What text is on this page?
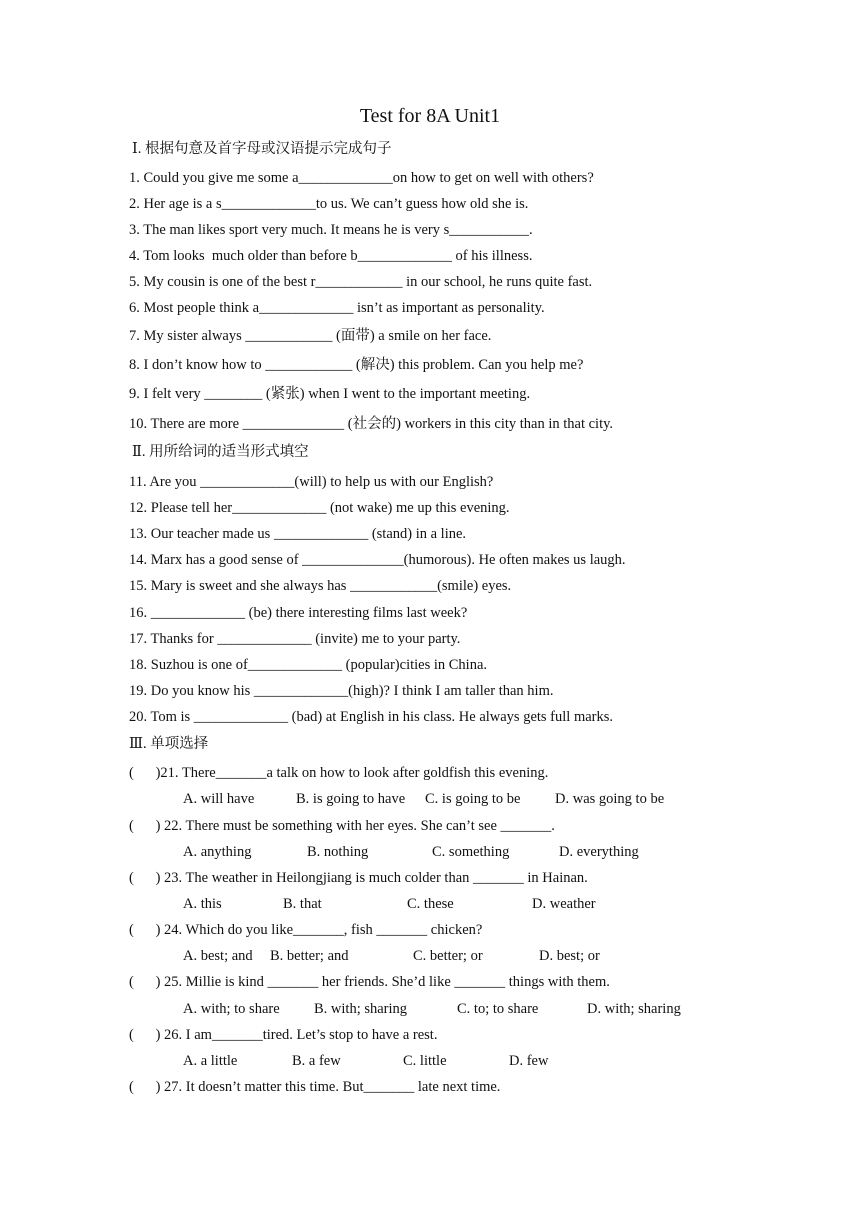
Test for 8A Unit1
Ⅰ. 根据句意及首字母或汉语提示完成句子
1. Could you give me some a_____________on how to get on well with others?
2. Her age is a s_____________to us. We can’t guess how old she is.
3. The man likes sport very much. It means he is very s___________.
4. Tom looks  much older than before b_____________ of his illness.
5. My cousin is one of the best r____________ in our school, he runs quite fast.
6. Most people think a_____________ isn’t as important as personality.
7. My sister always ____________ (面带) a smile on her face.
8. I don’t know how to ____________ (解决) this problem. Can you help me?
9. I felt very ________ (紧张) when I went to the important meeting.
10. There are more ______________ (社会的) workers in this city than in that city.
Ⅱ. 用所给词的适当形式填空
11. Are you _____________(will) to help us with our English?
12. Please tell her_____________ (not wake) me up this evening.
13. Our teacher made us _____________ (stand) in a line.
14. Marx has a good sense of ______________(humorous). He often makes us laugh.
15. Mary is sweet and she always has ____________(smile) eyes.
16. _____________ (be) there interesting films last week?
17. Thanks for _____________ (invite) me to your party.
18. Suzhou is one of_____________ (popular)cities in China.
19. Do you know his _____________(high)? I think I am taller than him.
20. Tom is _____________ (bad) at English in his class. He always gets full marks.
Ⅲ. 单项选择
(      )21. There_______a talk on how to look after goldfish this evening.
A. will have	B. is going to have C. is going to be D. was going to be
(      ) 22. There must be something with her eyes. She can’t see _______.
A. anything	B. nothing	C. something	D. everything
(      ) 23. The weather in Heilongjiang is much colder than _______ in Hainan.
A. this	B. that	C. these	D. weather
(      ) 24. Which do you like_______, fish _______ chicken?
A. best; and B. better; and	C. better; or	D. best; or
(      ) 25. Millie is kind _______ her friends. She’d like _______ things with them.
A. with; to share B. with; sharing	C. to; to share	D. with; sharing
(      ) 26. I am_______tired. Let’s stop to have a rest.
A. a little	B. a few	C. little	D. few
(      ) 27. It doesn’t matter this time. But_______ late next time.
